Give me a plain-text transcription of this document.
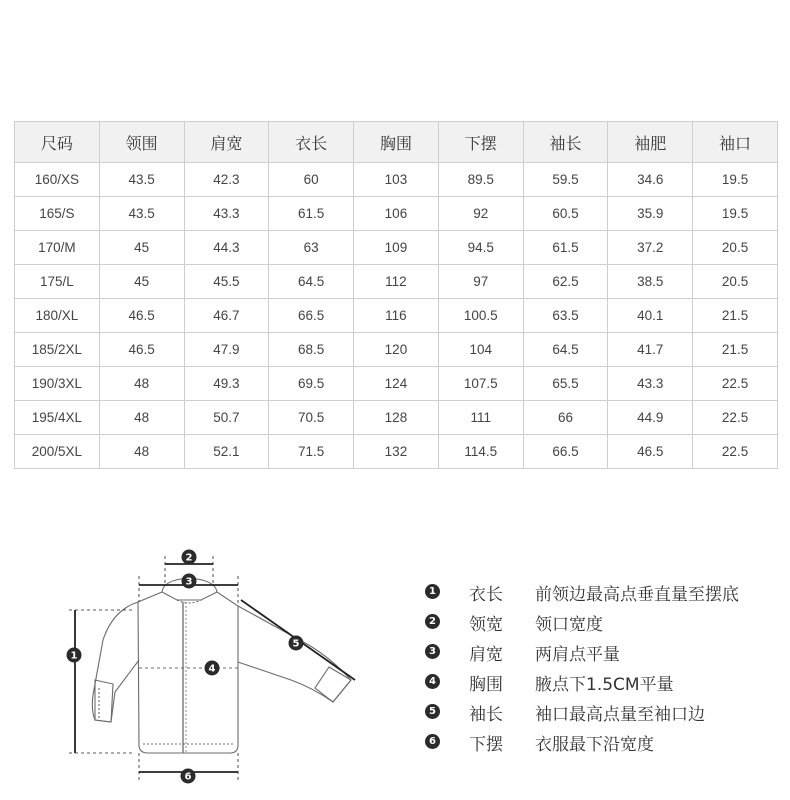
尺码	领围	肩宽	衣长	胸围	下摆	袖长	袖肥	袖口
160/XS	43.5	42.3	60	103	89.5	59.5	34.6	19.5
165/S	43.5	43.3	61.5	106	92	60.5	35.9	19.5
170/M	45	44.3	63	109	94.5	61.5	37.2	20.5
175/L	45	45.5	64.5	112	97	62.5	38.5	20.5
180/XL	46.5	46.7	66.5	116	100.5	63.5	40.1	21.5
185/2XL	46.5	47.9	68.5	120	104	64.5	41.7	21.5
190/3XL	48	49.3	69.5	124	107.5	65.5	43.3	22.5
195/4XL	48	50.7	70.5	128	111	66	44.9	22.5
200/5XL	48	52.1	71.5	132	114.5	66.5	46.5	22.5
1
2
3
4
5
6
1 衣长 前领边最高点垂直量至摆底
2 领宽 领口宽度
3 肩宽 两肩点平量
4 胸围 腋点下1.5CM平量
5 袖长 袖口最高点量至袖口边
6 下摆 衣服最下沿宽度
